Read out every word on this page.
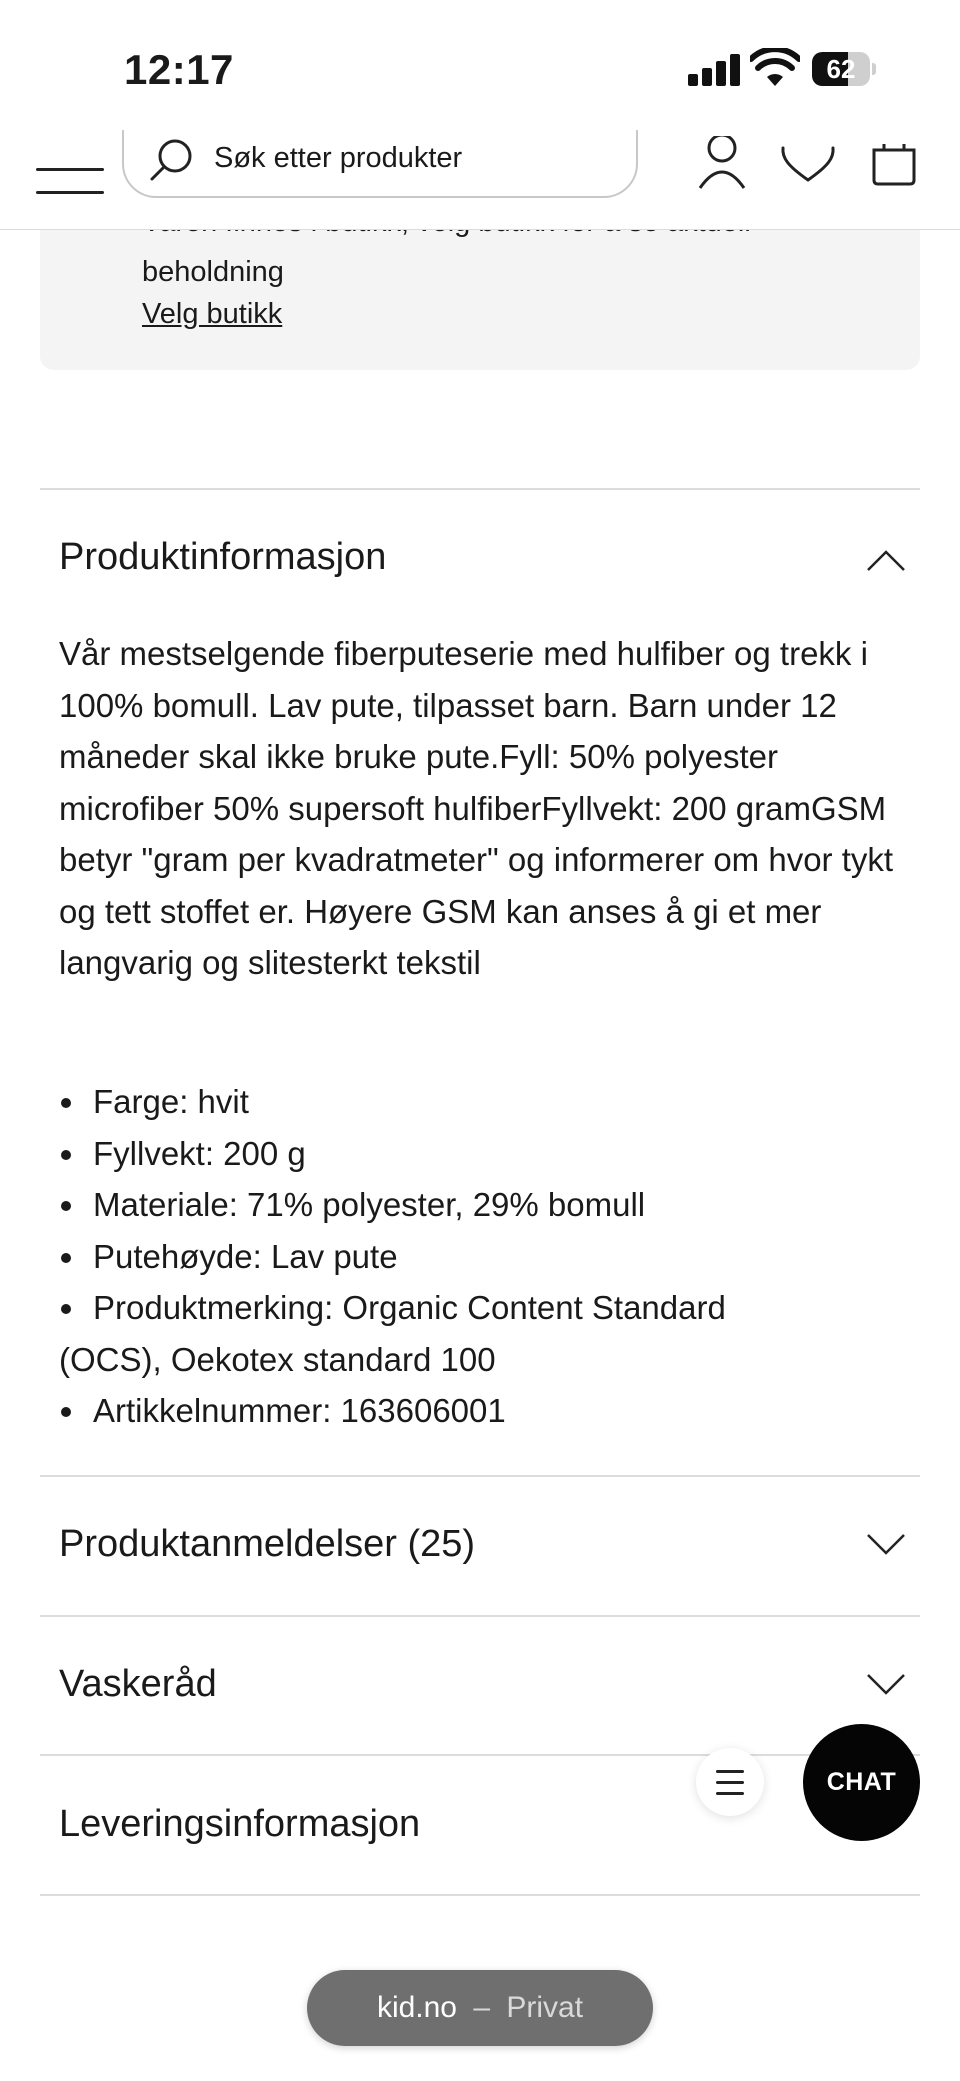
12:17	62
beholdning
Velg butikk
Søk etter produkter
Produktinformasjon
Vår mestselgende fiberputeserie med hulfiber og trekk i 100% bomull. Lav pute, tilpasset barn. Barn under 12 måneder skal ikke bruke pute.Fyll: 50% polyester microfiber 50% supersoft hulfiberFyllvekt: 200 gramGSM betyr "gram per kvadratmeter" og informerer om hvor tykt og tett stoffet er. Høyere GSM kan anses å gi et mer langvarig og slitesterkt tekstil
Farge: hvit
Fyllvekt: 200 g
Materiale: 71% polyester, 29% bomull
Putehøyde: Lav pute
Produktmerking: Organic Content Standard
(OCS), Oekotex standard 100
Artikkelnummer: 163606001
Produktanmeldelser (25)
Vaskeråd
Leveringsinformasjon
CHAT
kid.no – Privat
